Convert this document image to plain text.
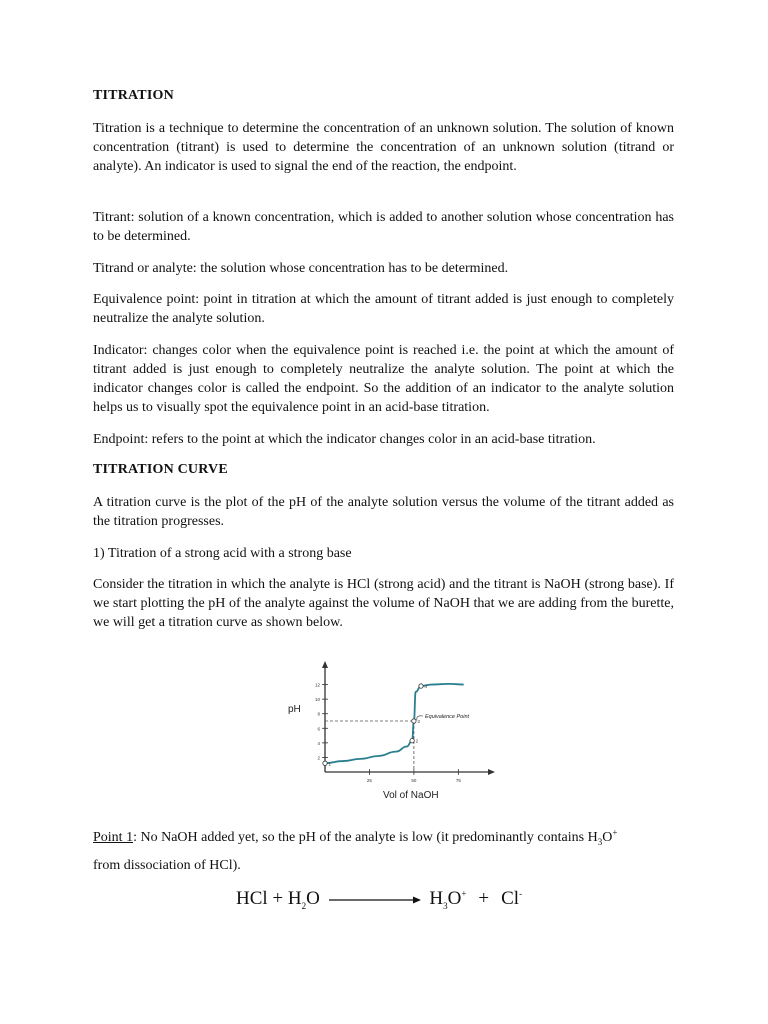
TITRATION
Titration is a technique to determine the concentration of an unknown solution. The solution of known concentration (titrant) is used to determine the concentration of an unknown solution (titrand or analyte). An indicator is used to signal the end of the reaction, the endpoint.
Titrant: solution of a known concentration, which is added to another solution whose concentration has to be determined.
Titrand or analyte: the solution whose concentration has to be determined.
Equivalence point: point in titration at which the amount of titrant added is just enough to completely neutralize the analyte solution.
Indicator: changes color when the equivalence point is reached i.e. the point at which the amount of titrant added is just enough to completely neutralize the analyte solution. The point at which the indicator changes color is called the endpoint. So the addition of an indicator to the analyte solution helps us to visually spot the equivalence point in an acid-base titration.
Endpoint: refers to the point at which the indicator changes color in an acid-base titration.
TITRATION CURVE
A titration curve is the plot of the pH of the analyte solution versus the volume of the titrant added as the titration progresses.
1) Titration of a strong acid with a strong base
Consider the titration in which the analyte is HCl (strong acid) and the titrant is NaOH (strong base). If we start plotting the pH of the analyte against the volume of NaOH that we are adding from the burette, we will get a titration curve as shown below.
2
4
6
8
10
12
25	50	75
1
2
3
4
pH
Vol of NaOH
Equivalence Point
Point 1: No NaOH added yet, so the pH of the analyte is low (it predominantly contains $H_3O^+$
from dissociation of HCl).
HCl + $H_2O$	$H_3O^+ + Cl^-$
